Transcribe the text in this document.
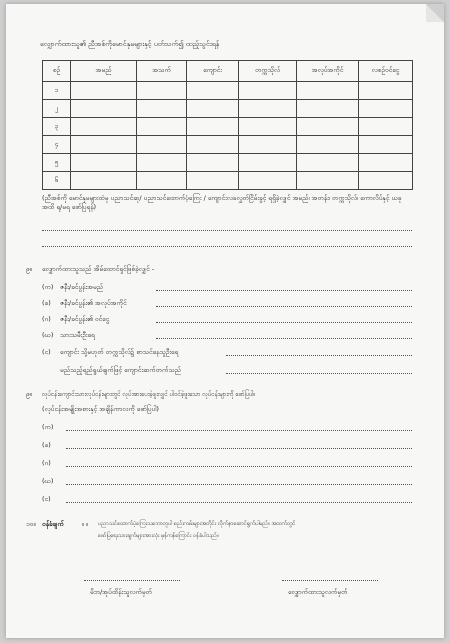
လျှောက်ထားသူ၏ ညီအစ်ကိုမောင်နှမများနှင့် ပတ်သက်၍ ထည့်သွင်းရန်
စဉ်	အမည်	အသက်	ကျောင်း	တက္ကသိုလ်	အလုပ်အကိုင်	လစဉ်ဝင်ငွေ
၁						
၂						
၃						
၄						
၅						
၆						
(ညီအစ်ကို မောင်နှမများထဲမှ ပညာသင်ဆု/ ပညာသင်ထောက်ပံ့ကြေး / ကျောင်းလခလွှတ်ငြိမ်းခွင့် ရရှိခဲ့လျှင် အမည်၊ အတန်း၊ တက္ကသိုလ်၊ ကောလိပ်နှင့် ယခုအထိ ရ/မရ ဖော်ပြရန်)
၉။ လျှောက်ထားသူသည် အိမ်ထောင်ရှင်ဖြစ်ခဲ့လျှင် -
(က) ဇနီး/ခင်ပွန်းအမည်
(ခ) ဇနီး/ခင်ပွန်း၏ အလုပ်အကိုင်
(ဂ) ဇနီး/ခင်ပွန်း၏ ဝင်ငွေ
(ဃ) သားသမီးဦးရေ
(င) ကျောင်း သို့မဟုတ် တက္ကသိုလ်၌ စာသင်နေသူဦးရေ
မည်သည့်ရည်ရွယ်ချက်ဖြင့် ကျောင်းဆက်တက်သည်
၉။ လုပ်ငန်းကျောင်းသားလုပ်ငန်းများတွင် လုပ်အားပေးခဲ့ဖူးလျှင် ပါဝင်ခဲ့ဖူးသော လုပ်ငန်းများကို ဖော်ပြပါ။
(လုပ်ငန်းအမျိုးအစားနှင့် အချိန်ကာလကို ဖော်ပြပါ)
(က)
(ခ)
(ဂ)
(ဃ)
(င)
၁၀။ ဝန်ခံချက်	။ ။ ပညာသင်ထောက်ပံ့ကြေးသဘောတူပါ စည်းကမ်းများအတိုင်း လိုက်နာဆောင်ရွက်ပါမည်။ အထက်တွင်
ဖော်ပြရေးသားချက်များအားလုံး မှန်ကန်ကြောင်း ဝန်ခံပါသည်။
မိဘ/အုပ်ထိန်းသူလက်မှတ်	လျှောက်ထားသူလက်မှတ်
